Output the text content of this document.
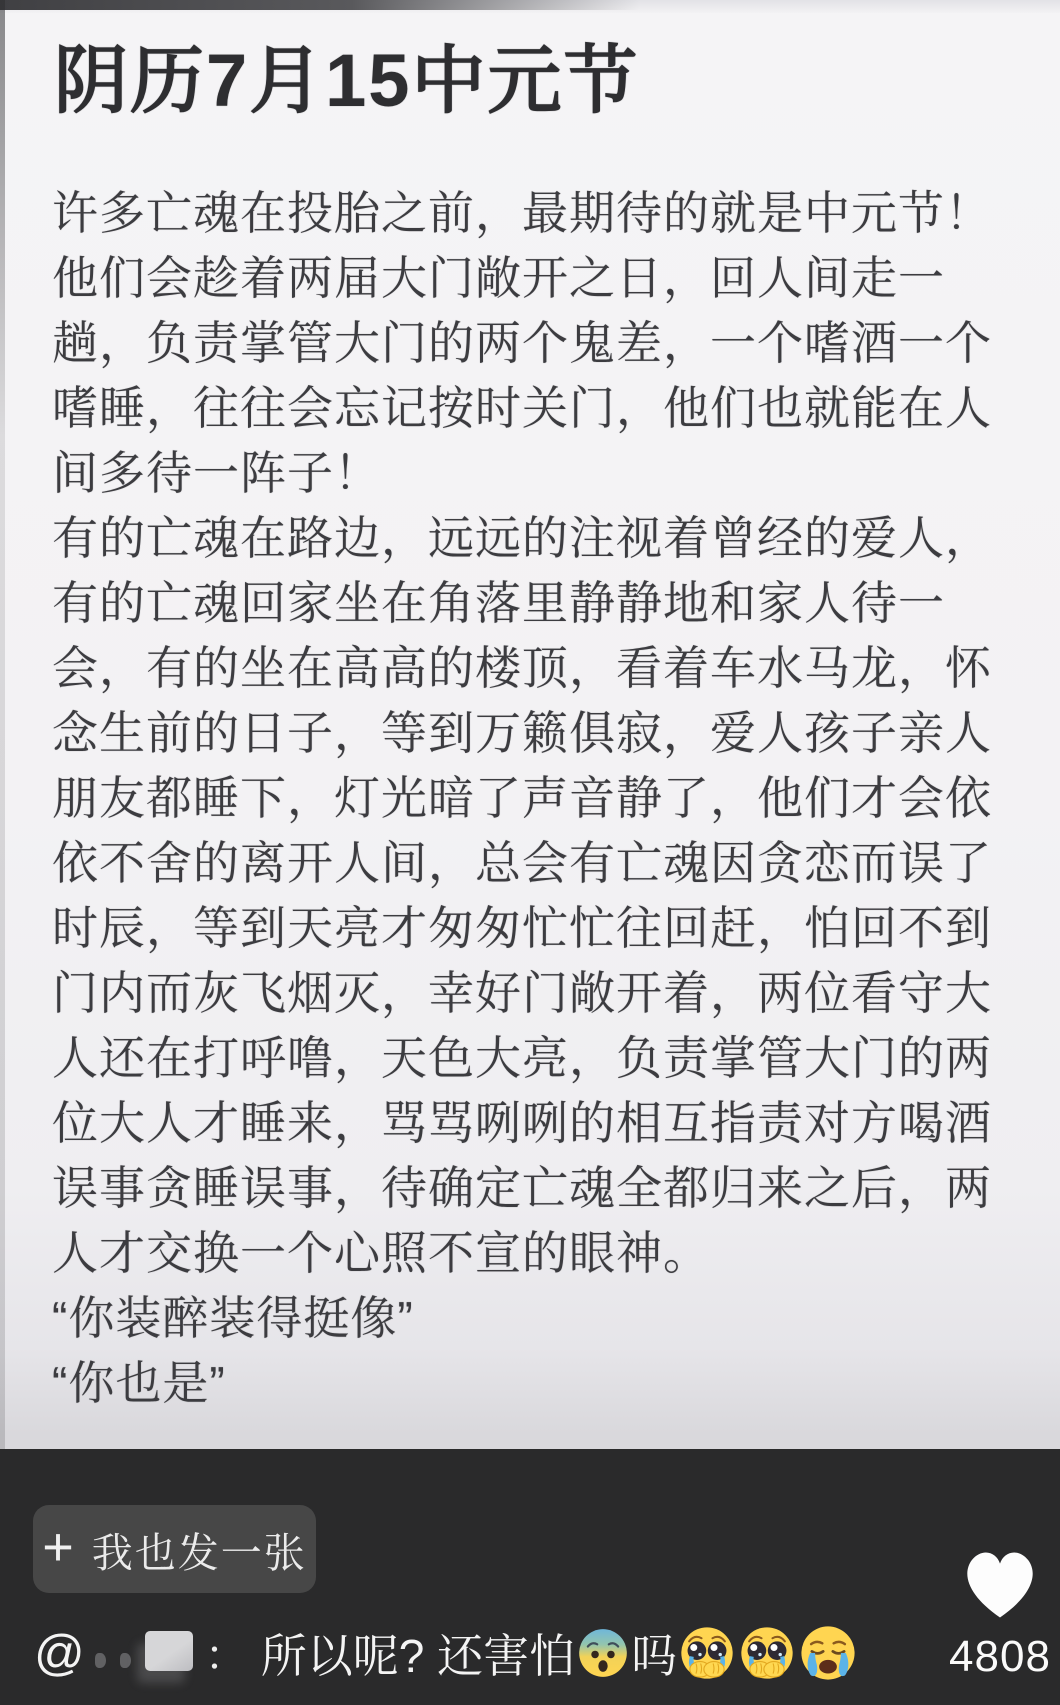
阴历7月15中元节
许多亡魂在投胎之前，最期待的就是中元节！
他们会趁着两届大门敞开之日，回人间走一
趟，负责掌管大门的两个鬼差，一个嗜酒一个
嗜睡，往往会忘记按时关门，他们也就能在人
间多待一阵子！
有的亡魂在路边，远远的注视着曾经的爱人，
有的亡魂回家坐在角落里静静地和家人待一
会，有的坐在高高的楼顶，看着车水马龙，怀
念生前的日子，等到万籁俱寂，爱人孩子亲人
朋友都睡下，灯光暗了声音静了，他们才会依
依不舍的离开人间，总会有亡魂因贪恋而误了
时辰，等到天亮才匆匆忙忙往回赶，怕回不到
门内而灰飞烟灭，幸好门敞开着，两位看守大
人还在打呼噜，天色大亮，负责掌管大门的两
位大人才睡来，骂骂咧咧的相互指责对方喝酒
误事贪睡误事，待确定亡魂全都归来之后，两
人才交换一个心照不宣的眼神。
“你装醉装得挺像”
“你也是”
+ 我也发一张
@	： 所以呢? 还害怕 吗	4808
